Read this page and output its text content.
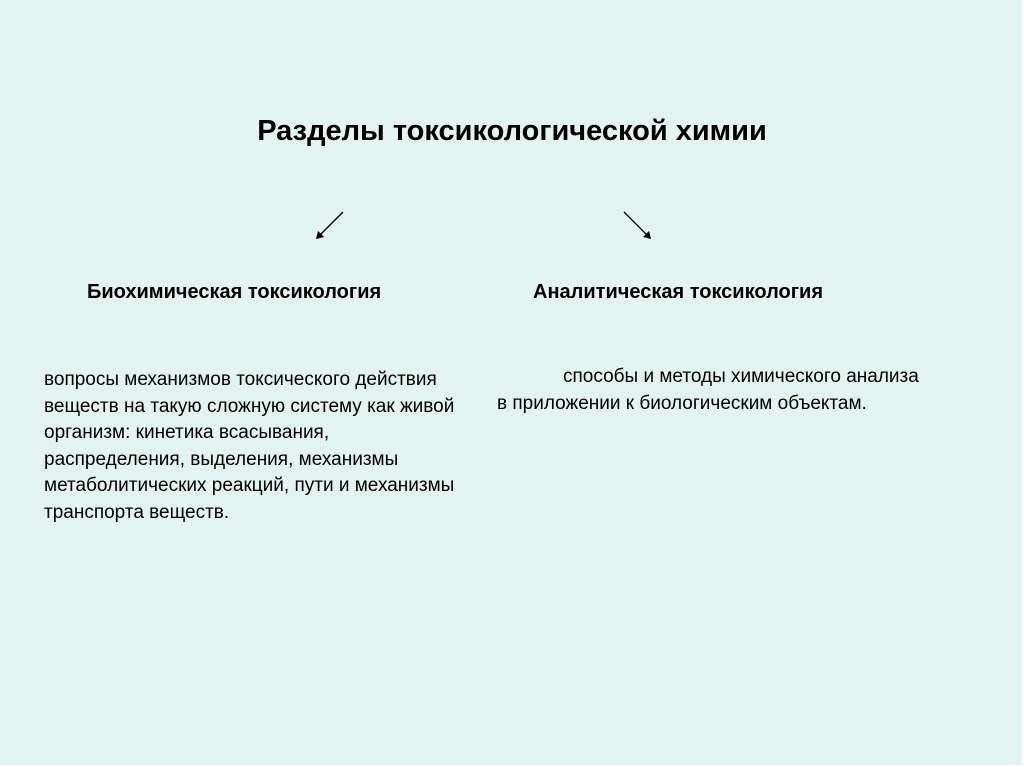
Разделы токсикологической химии
Биохимическая токсикология	Аналитическая токсикология

вопросы механизмов токсического действия веществ на такую сложную систему как живой организм: кинетика всасывания, распределения, выделения, механизмы метаболитических реакций, пути и механизмы транспорта веществ.

способы и методы химического анализа
в приложении к биологическим объектам.
